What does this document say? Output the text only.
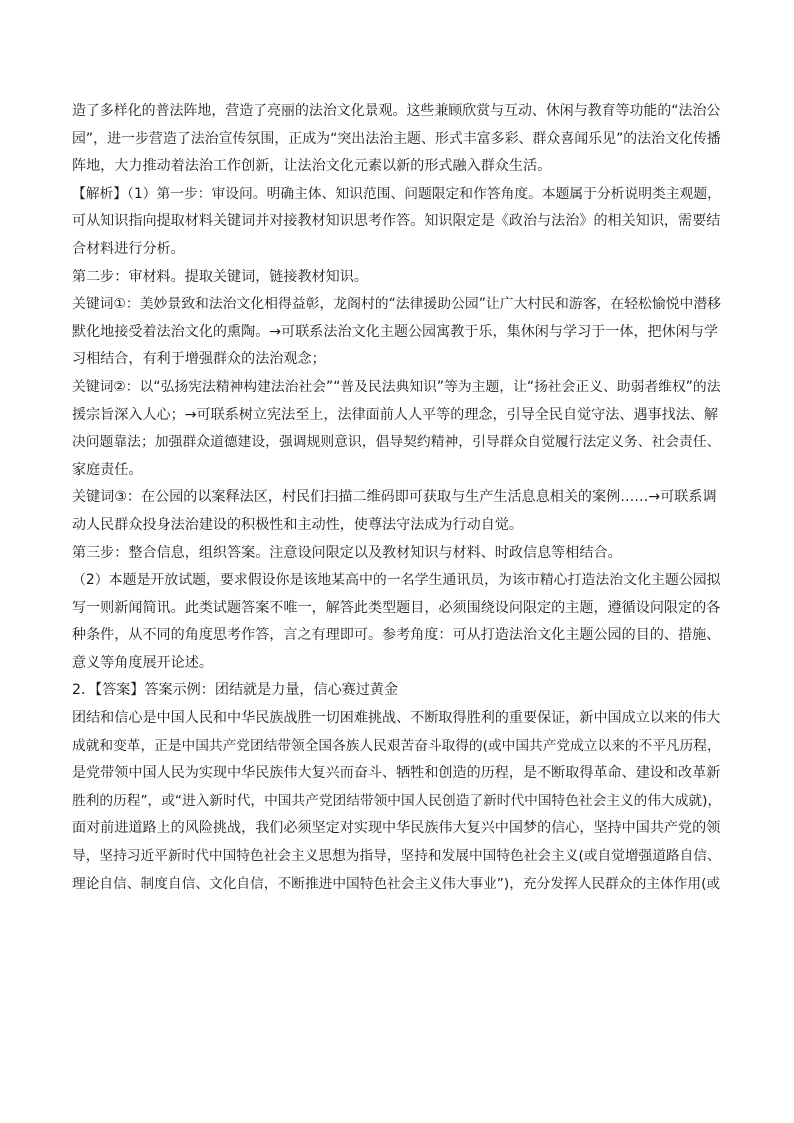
造了多样化的普法阵地，营造了亮丽的法治文化景观。这些兼顾欣赏与互动、休闲与教育等功能的“法治公
园”，进一步营造了法治宣传氛围，正成为“突出法治主题、形式丰富多彩、群众喜闻乐见”的法治文化传播
阵地，大力推动着法治工作创新，让法治文化元素以新的形式融入群众生活。

【解析】（1）第一步：审设问。明确主体、知识范围、问题限定和作答角度。本题属于分析说明类主观题，
可从知识指向提取材料关键词并对接教材知识思考作答。知识限定是《政治与法治》的相关知识，需要结
合材料进行分析。

第二步：审材料。提取关键词，链接教材知识。

关键词①：美妙景致和法治文化相得益彰，龙阁村的“法律援助公园”让广大村民和游客，在轻松愉悦中潜移
默化地接受着法治文化的熏陶。→可联系法治文化主题公园寓教于乐，集休闲与学习于一体，把休闲与学
习相结合，有利于增强群众的法治观念；

关键词②：以“弘扬宪法精神构建法治社会”“普及民法典知识”等为主题，让“扬社会正义、助弱者维权”的法
援宗旨深入人心；→可联系树立宪法至上，法律面前人人平等的理念，引导全民自觉守法、遇事找法、解
决问题靠法；加强群众道德建设，强调规则意识，倡导契约精神，引导群众自觉履行法定义务、社会责任、
家庭责任。

关键词③：在公园的以案释法区，村民们扫描二维码即可获取与生产生活息息相关的案例……→可联系调
动人民群众投身法治建设的积极性和主动性，使尊法守法成为行动自觉。

第三步：整合信息，组织答案。注意设问限定以及教材知识与材料、时政信息等相结合。

（2）本题是开放试题，要求假设你是该地某高中的一名学生通讯员，为该市精心打造法治文化主题公园拟
写一则新闻简讯。此类试题答案不唯一，解答此类型题目，必须围绕设问限定的主题，遵循设问限定的各
种条件，从不同的角度思考作答，言之有理即可。参考角度：可从打造法治文化主题公园的目的、措施、
意义等角度展开论述。

2．【答案】答案示例：团结就是力量，信心赛过黄金

团结和信心是中国人民和中华民族战胜一切困难挑战、不断取得胜利的重要保证，新中国成立以来的伟大
成就和变革，正是中国共产党团结带领全国各族人民艰苦奋斗取得的(或中国共产党成立以来的不平凡历程，
是党带领中国人民为实现中华民族伟大复兴而奋斗、牺牲和创造的历程，是不断取得革命、建设和改革新
胜利的历程”，或“进入新时代，中国共产党团结带领中国人民创造了新时代中国特色社会主义的伟大成就)，
面对前进道路上的风险挑战，我们必须坚定对实现中华民族伟大复兴中国梦的信心，坚持中国共产党的领
导，坚持习近平新时代中国特色社会主义思想为指导，坚持和发展中国特色社会主义(或自觉增强道路自信、
理论自信、制度自信、文化自信，不断推进中国特色社会主义伟大事业”)，充分发挥人民群众的主体作用(或
